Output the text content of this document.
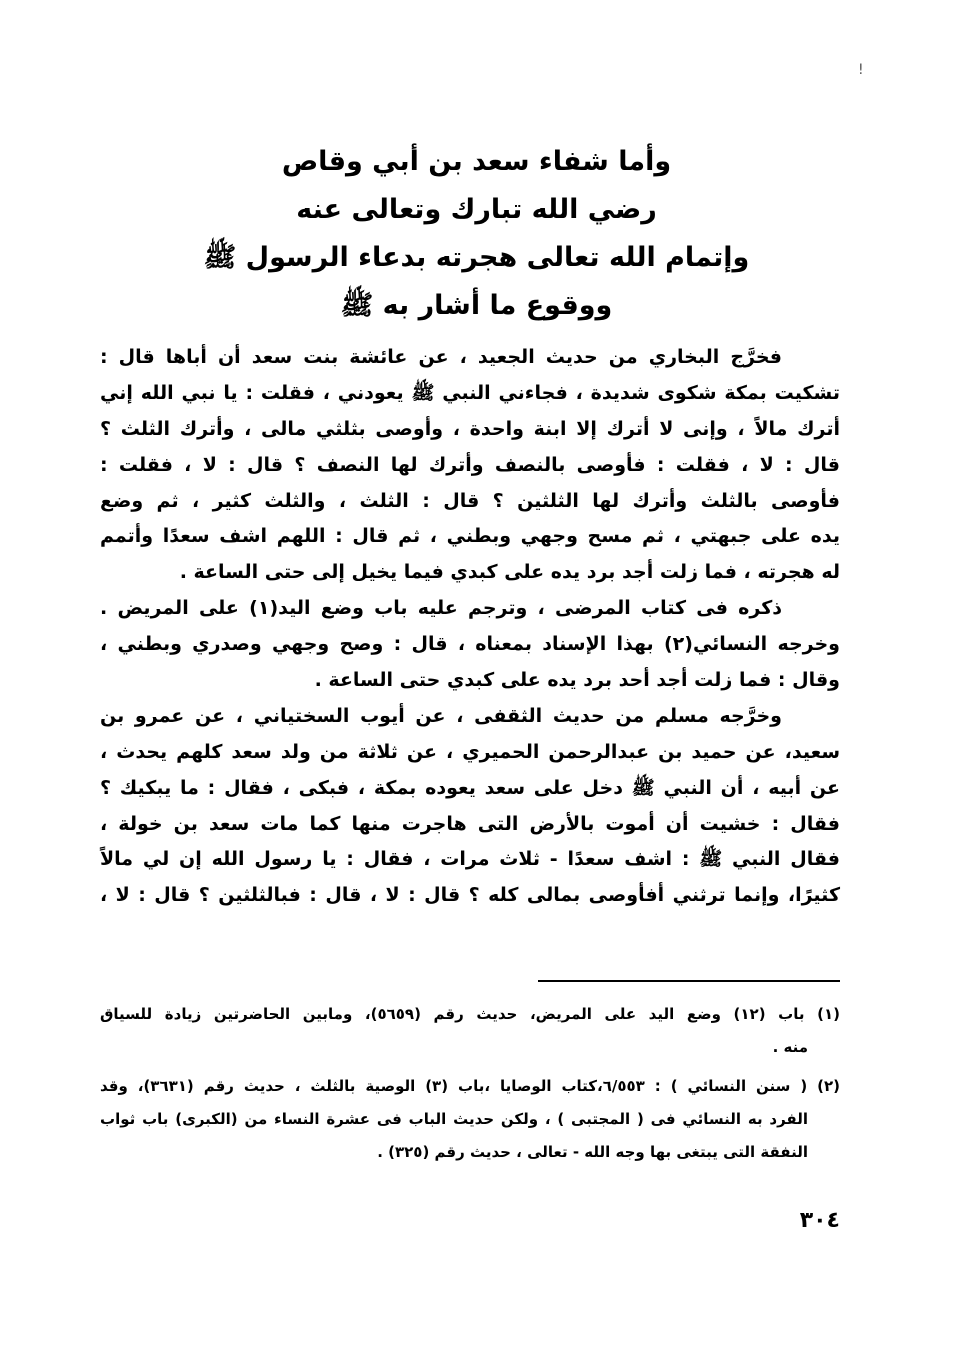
!
وأما شفاء سعد بن أبي وقاص
رضي الله تبارك وتعالى عنه
وإتمام الله تعالى هجرته بدعاء الرسول ﷺ
ووقوع ما أشار به ﷺ
فخرَّج البخاري من حديث الجعيد ، عن عائشة بنت سعد أن أباها قال :
تشكيت بمكة شكوى شديدة ، فجاءني النبي ﷺ يعودني ، فقلت : يا نبي الله إني
أترك مالاً ، وإنى لا أترك إلا ابنة واحدة ، وأوصى بثلثي مالى ، وأترك الثلث ؟
قال : لا ، فقلت : فأوصى بالنصف وأترك لها النصف ؟ قال : لا ، فقلت :
فأوصى بالثلث وأترك لها الثلثين ؟ قال : الثلث ، والثلث كثير ، ثم وضع
يده على جبهتي ، ثم مسح وجهي وبطني ، ثم قال : اللهم اشف سعدًا وأتمم
له هجرته ، فما زلت أجد برد يده على كبدي فيما يخيل إلى حتى الساعة .
ذكره فى كتاب المرضى ، وترجم عليه باب وضع اليد(١) على المريض .
وخرجه النسائي(٢) بهذا الإسناد بمعناه ، قال : وصح وجهي وصدري وبطني ،
وقال : فما زلت أجد أحد برد يده على كبدي حتى الساعة .
وخرَّجه مسلم من حديث الثقفى ، عن أيوب السختياني ، عن عمرو بن
سعيد، عن حميد بن عبدالرحمن الحميري ، عن ثلاثة من ولد سعد كلهم يحدث ،
عن أبيه ، أن النبي ﷺ دخل على سعد يعوده بمكة ، فبكى ، فقال : ما يبكيك ؟
فقال : خشيت أن أموت بالأرض التى هاجرت منها كما مات سعد بن خولة ،
فقال النبي ﷺ : اشف سعدًا - ثلاث مرات ، فقال : يا رسول الله إن لي مالاً
كثيرًا، وإنما ترثني أفأوصى بمالى كله ؟ قال : لا ، قال : فبالثلثين ؟ قال : لا ،
(١) باب (١٢) وضع اليد على المريض، حديث رقم (٥٦٥٩)، ومابين الحاضرتين زيادة للسياق
منه .
(٢) ( سنن النسائي ) : ٦/٥٥٣،كتاب الوصايا ،باب (٣) الوصية بالثلث ، حديث رقم (٣٦٣١)، وقد
الفرد به النسائي فى ( المجتبى ) ، ولكن حديث الباب فى عشرة النساء من (الكبرى) باب ثواب
النفقة التى يبتغى بها وجه الله - تعالى ، حديث رقم (٣٢٥) .
٣٠٤
